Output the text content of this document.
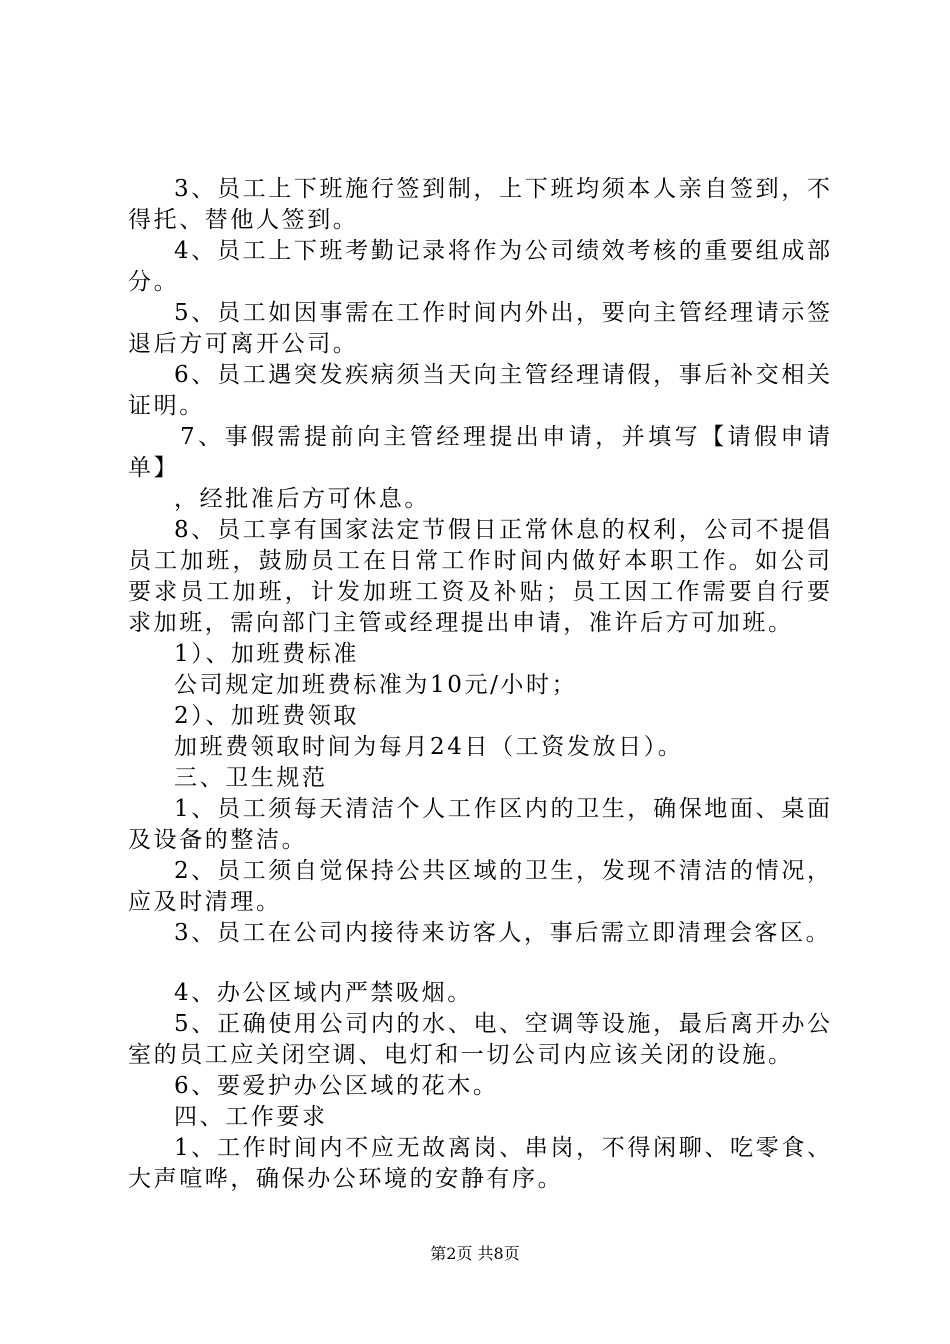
3、员工上下班施行签到制，上下班均须本人亲自签到，不
得托、替他人签到。
4、员工上下班考勤记录将作为公司绩效考核的重要组成部
分。
5、员工如因事需在工作时间内外出，要向主管经理请示签
退后方可离开公司。
6、员工遇突发疾病须当天向主管经理请假，事后补交相关
证明。
7、事假需提前向主管经理提出申请，并填写【请假申请
单】
，经批准后方可休息。
8、员工享有国家法定节假日正常休息的权利，公司不提倡
员工加班，鼓励员工在日常工作时间内做好本职工作。如公司
要求员工加班，计发加班工资及补贴；员工因工作需要自行要
求加班，需向部门主管或经理提出申请，准许后方可加班。
1）、加班费标准
公司规定加班费标准为10元/小时；
2）、加班费领取
加班费领取时间为每月24日（工资发放日）。
三、卫生规范
1、员工须每天清洁个人工作区内的卫生，确保地面、桌面
及设备的整洁。
2、员工须自觉保持公共区域的卫生，发现不清洁的情况，
应及时清理。
3、员工在公司内接待来访客人，事后需立即清理会客区。
4、办公区域内严禁吸烟。
5、正确使用公司内的水、电、空调等设施，最后离开办公
室的员工应关闭空调、电灯和一切公司内应该关闭的设施。
6、要爱护办公区域的花木。
四、工作要求
1、工作时间内不应无故离岗、串岗，不得闲聊、吃零食、
大声喧哗，确保办公环境的安静有序。
第2页 共8页
